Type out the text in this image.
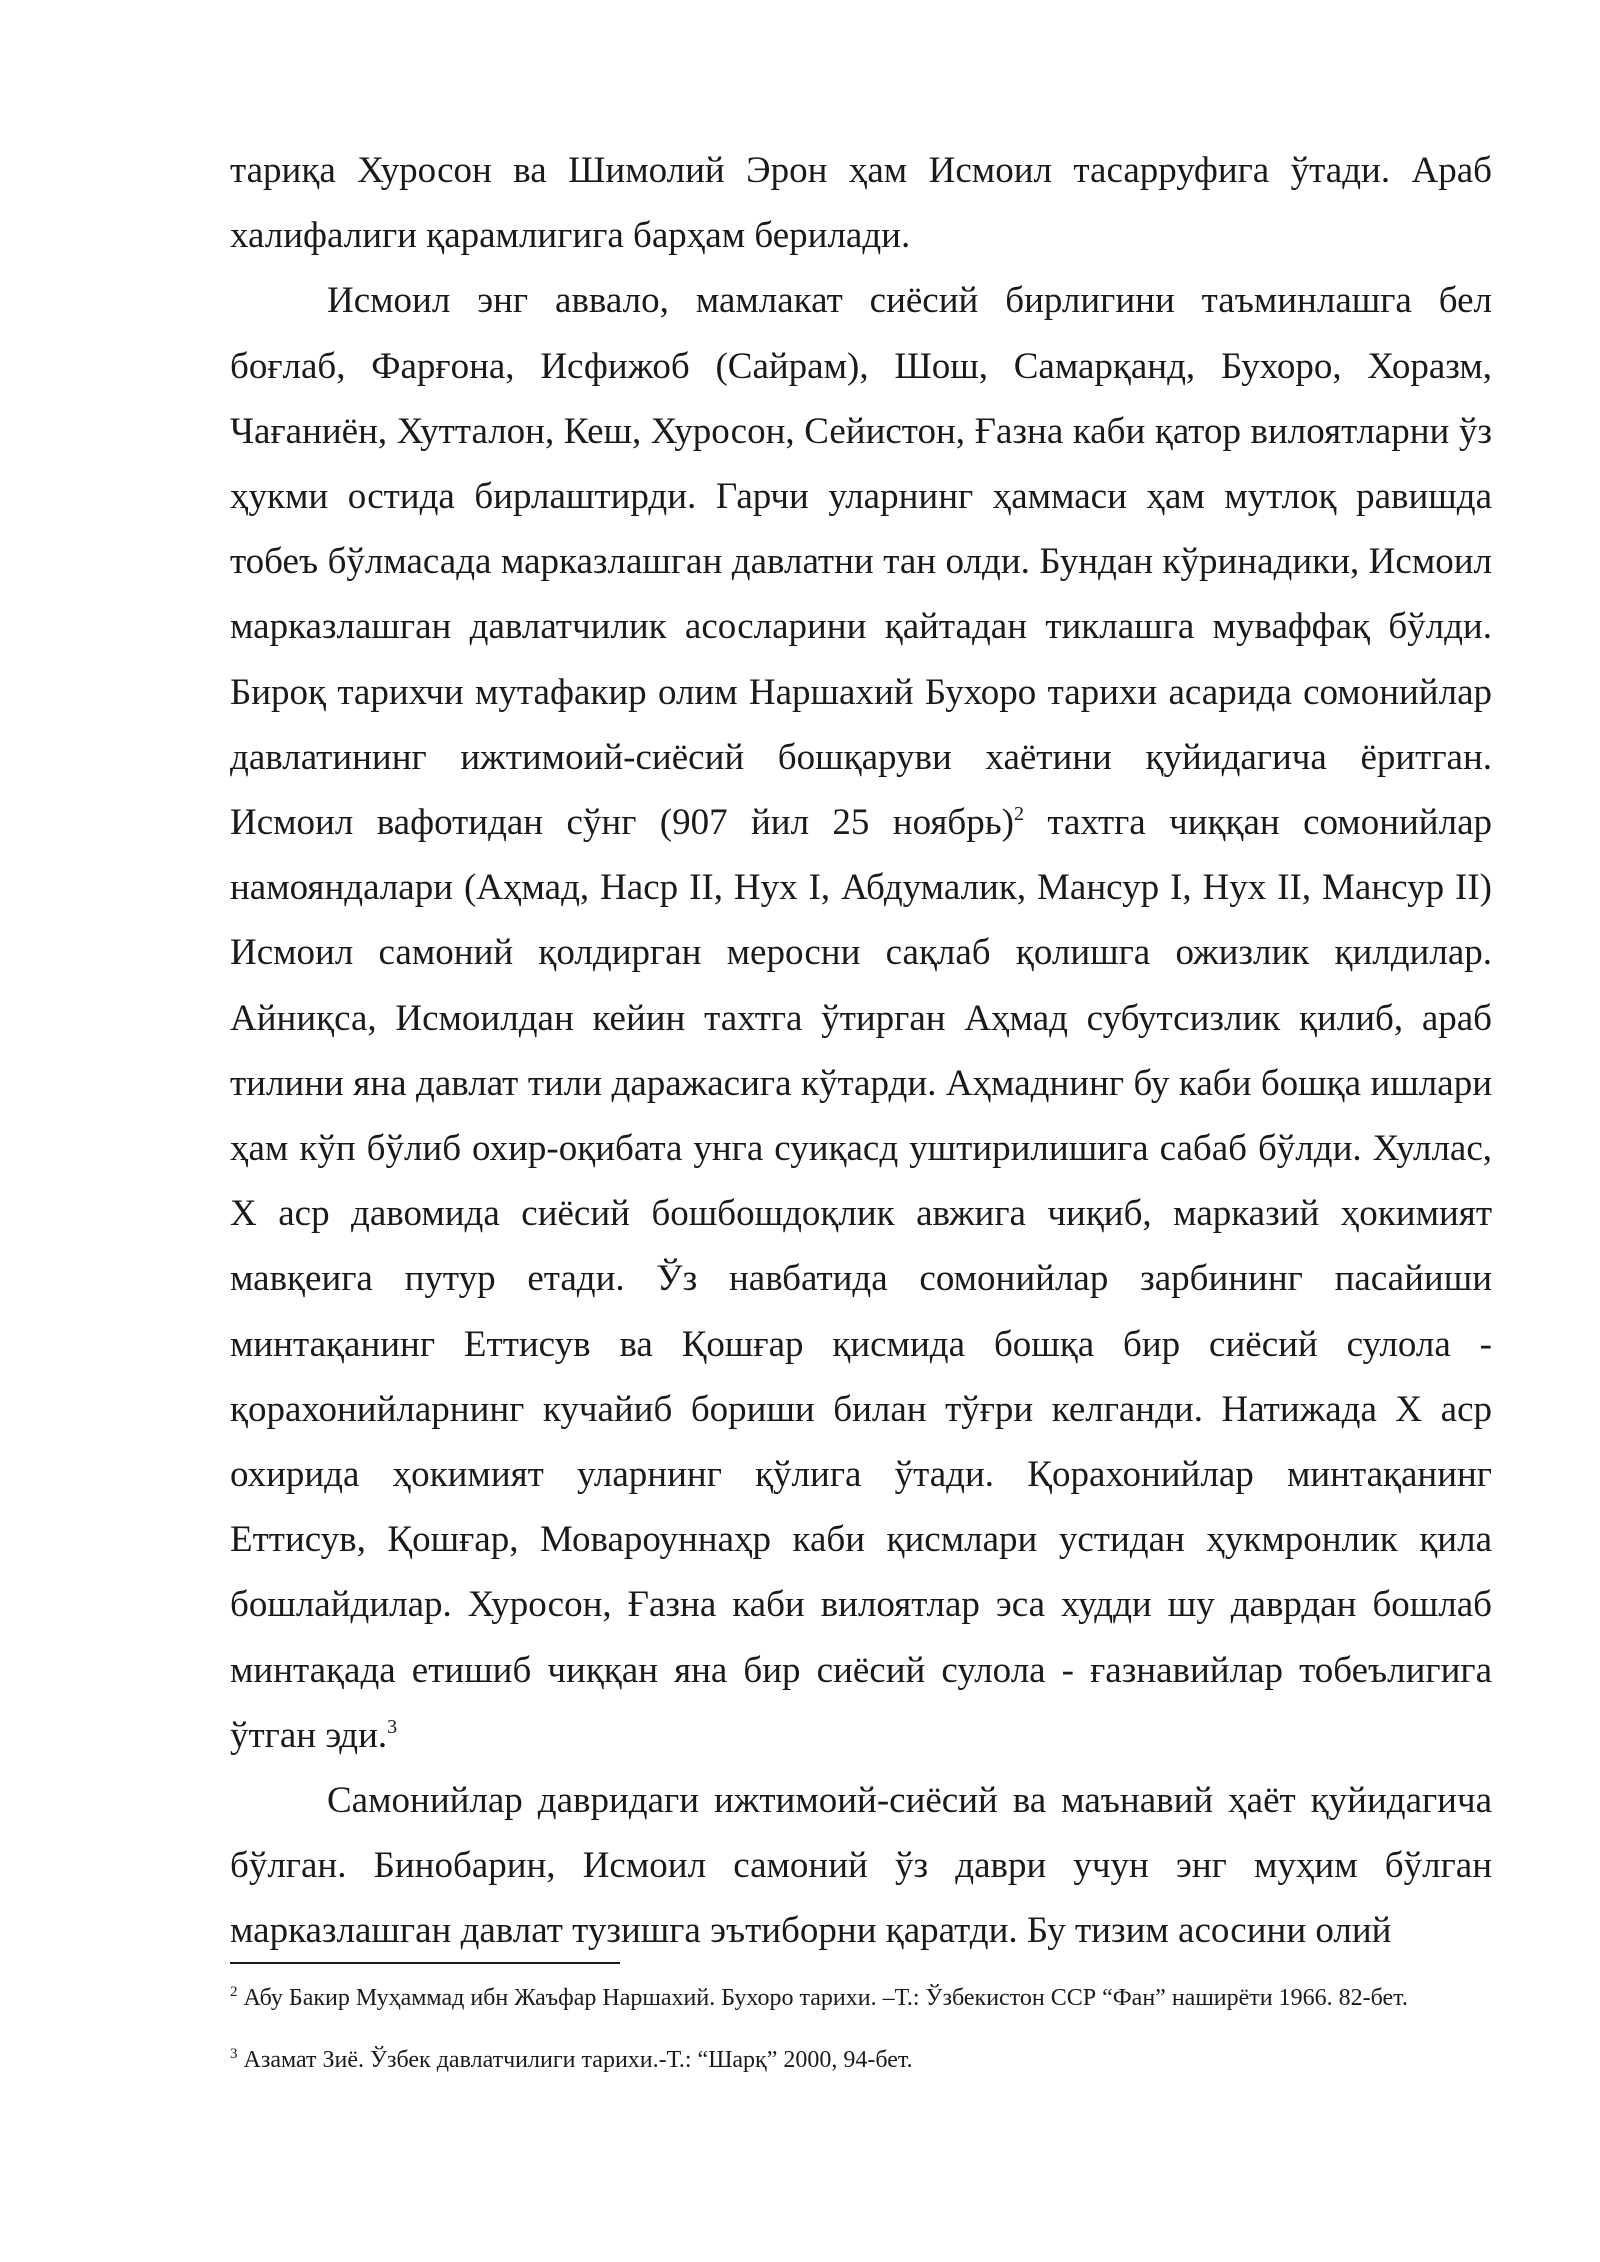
тариқа Хуросон ва Шимолий Эрон ҳам Исмоил тасарруфига ўтади. Араб халифалиги қарамлигига барҳам берилади.

Исмоил энг аввало, мамлакат сиёсий бирлигини таъминлашга бел боғлаб, Фарғона, Исфижоб (Сайрам), Шош, Самарқанд, Бухоро, Хоразм, Чағаниён, Хутталон, Кеш, Хуросон, Сейистон, Ғазна каби қатор вилоятларни ўз ҳукми остида бирлаштирди. Гарчи уларнинг ҳаммаси ҳам мутлоқ равишда тобеъ бўлмасада марказлашган давлатни тан олди. Бундан кўринадики, Исмоил марказлашган давлатчилик асосларини қайтадан тиклашга муваффақ бўлди. Бироқ тарихчи мутафакир олим Наршахий Бухоро тарихи асарида сомонийлар давлатининг ижтимоий-сиёсий бошқаруви хаётини қуйидагича ёритган. Исмоил вафотидан сўнг (907 йил 25 ноябрь)$^2$ тахтга чиққан сомонийлар намояндалари (Аҳмад, Наср II, Нух I, Абдумалик, Мансур I, Нух II, Мансур II) Исмоил самоний қолдирган меросни сақлаб қолишга ожизлик қилдилар. Айниқса, Исмоилдан кейин тахтга ўтирган Аҳмад субутсизлик қилиб, араб тилини яна давлат тили даражасига кўтарди. Аҳмаднинг бу каби бошқа ишлари ҳам кўп бўлиб охир-оқибата унга суиқасд уштирилишига сабаб бўлди. Хуллас, X аср давомида сиёсий бошбошдоқлик авжига чиқиб, марказий ҳокимият мавқеига путур етади. Ўз навбатида сомонийлар зарбининг пасайиши минтақанинг Еттисув ва Қошғар қисмида бошқа бир сиёсий сулола - қорахонийларнинг кучайиб бориши билан тўғри келганди. Натижада X аср охирида ҳокимият уларнинг қўлига ўтади. Қорахонийлар минтақанинг Еттисув, Қошғар, Мовароуннаҳр каби қисмлари устидан ҳукмронлик қила бошлайдилар. Хуросон, Ғазна каби вилоятлар эса худди шу даврдан бошлаб минтақада етишиб чиққан яна бир сиёсий сулола - ғазнавийлар тобеълигига ўтган эди.$^3$

Самонийлар давридаги ижтимоий-сиёсий ва маънавий ҳаёт қуйидагича бўлган. Бинобарин, Исмоил самоний ўз даври учун энг муҳим бўлган марказлашган давлат тузишга эътиборни қаратди. Бу тизим асосини олий

$^2$ Абу Бакир Муҳаммад ибн Жаъфар Наршахий. Бухоро тарихи. –Т.: Ўзбекистон ССР “Фан” наширёти 1966. 82-бет.

$^3$ Азамат Зиё. Ўзбек давлатчилиги тарихи.-Т.: “Шарқ” 2000, 94-бет.
